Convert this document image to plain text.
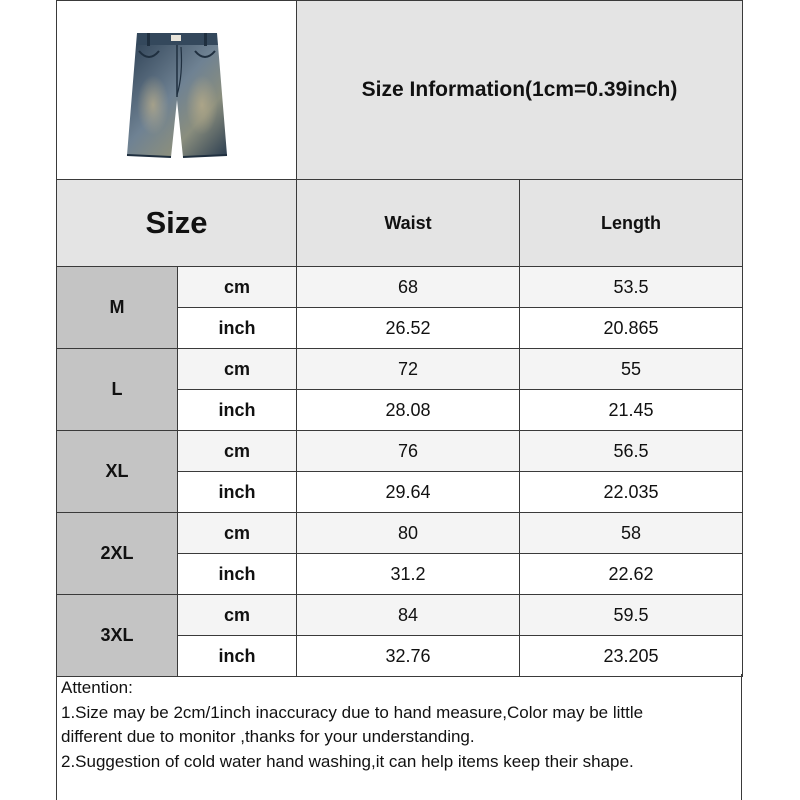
	Size Information(1cm=0.39inch)	
Size		Waist	Length
M	cm	68	53.5
	inch	26.52	20.865
L	cm	72	55
	inch	28.08	21.45
XL	cm	76	56.5
	inch	29.64	22.035
2XL	cm	80	58
	inch	31.2	22.62
3XL	cm	84	59.5
	inch	32.76	23.205
Attention:
1.Size may be 2cm/1inch inaccuracy due to hand measure,Color may be little
different due to monitor ,thanks for your understanding.
2.Suggestion of cold water hand washing,it can help items keep their shape.
